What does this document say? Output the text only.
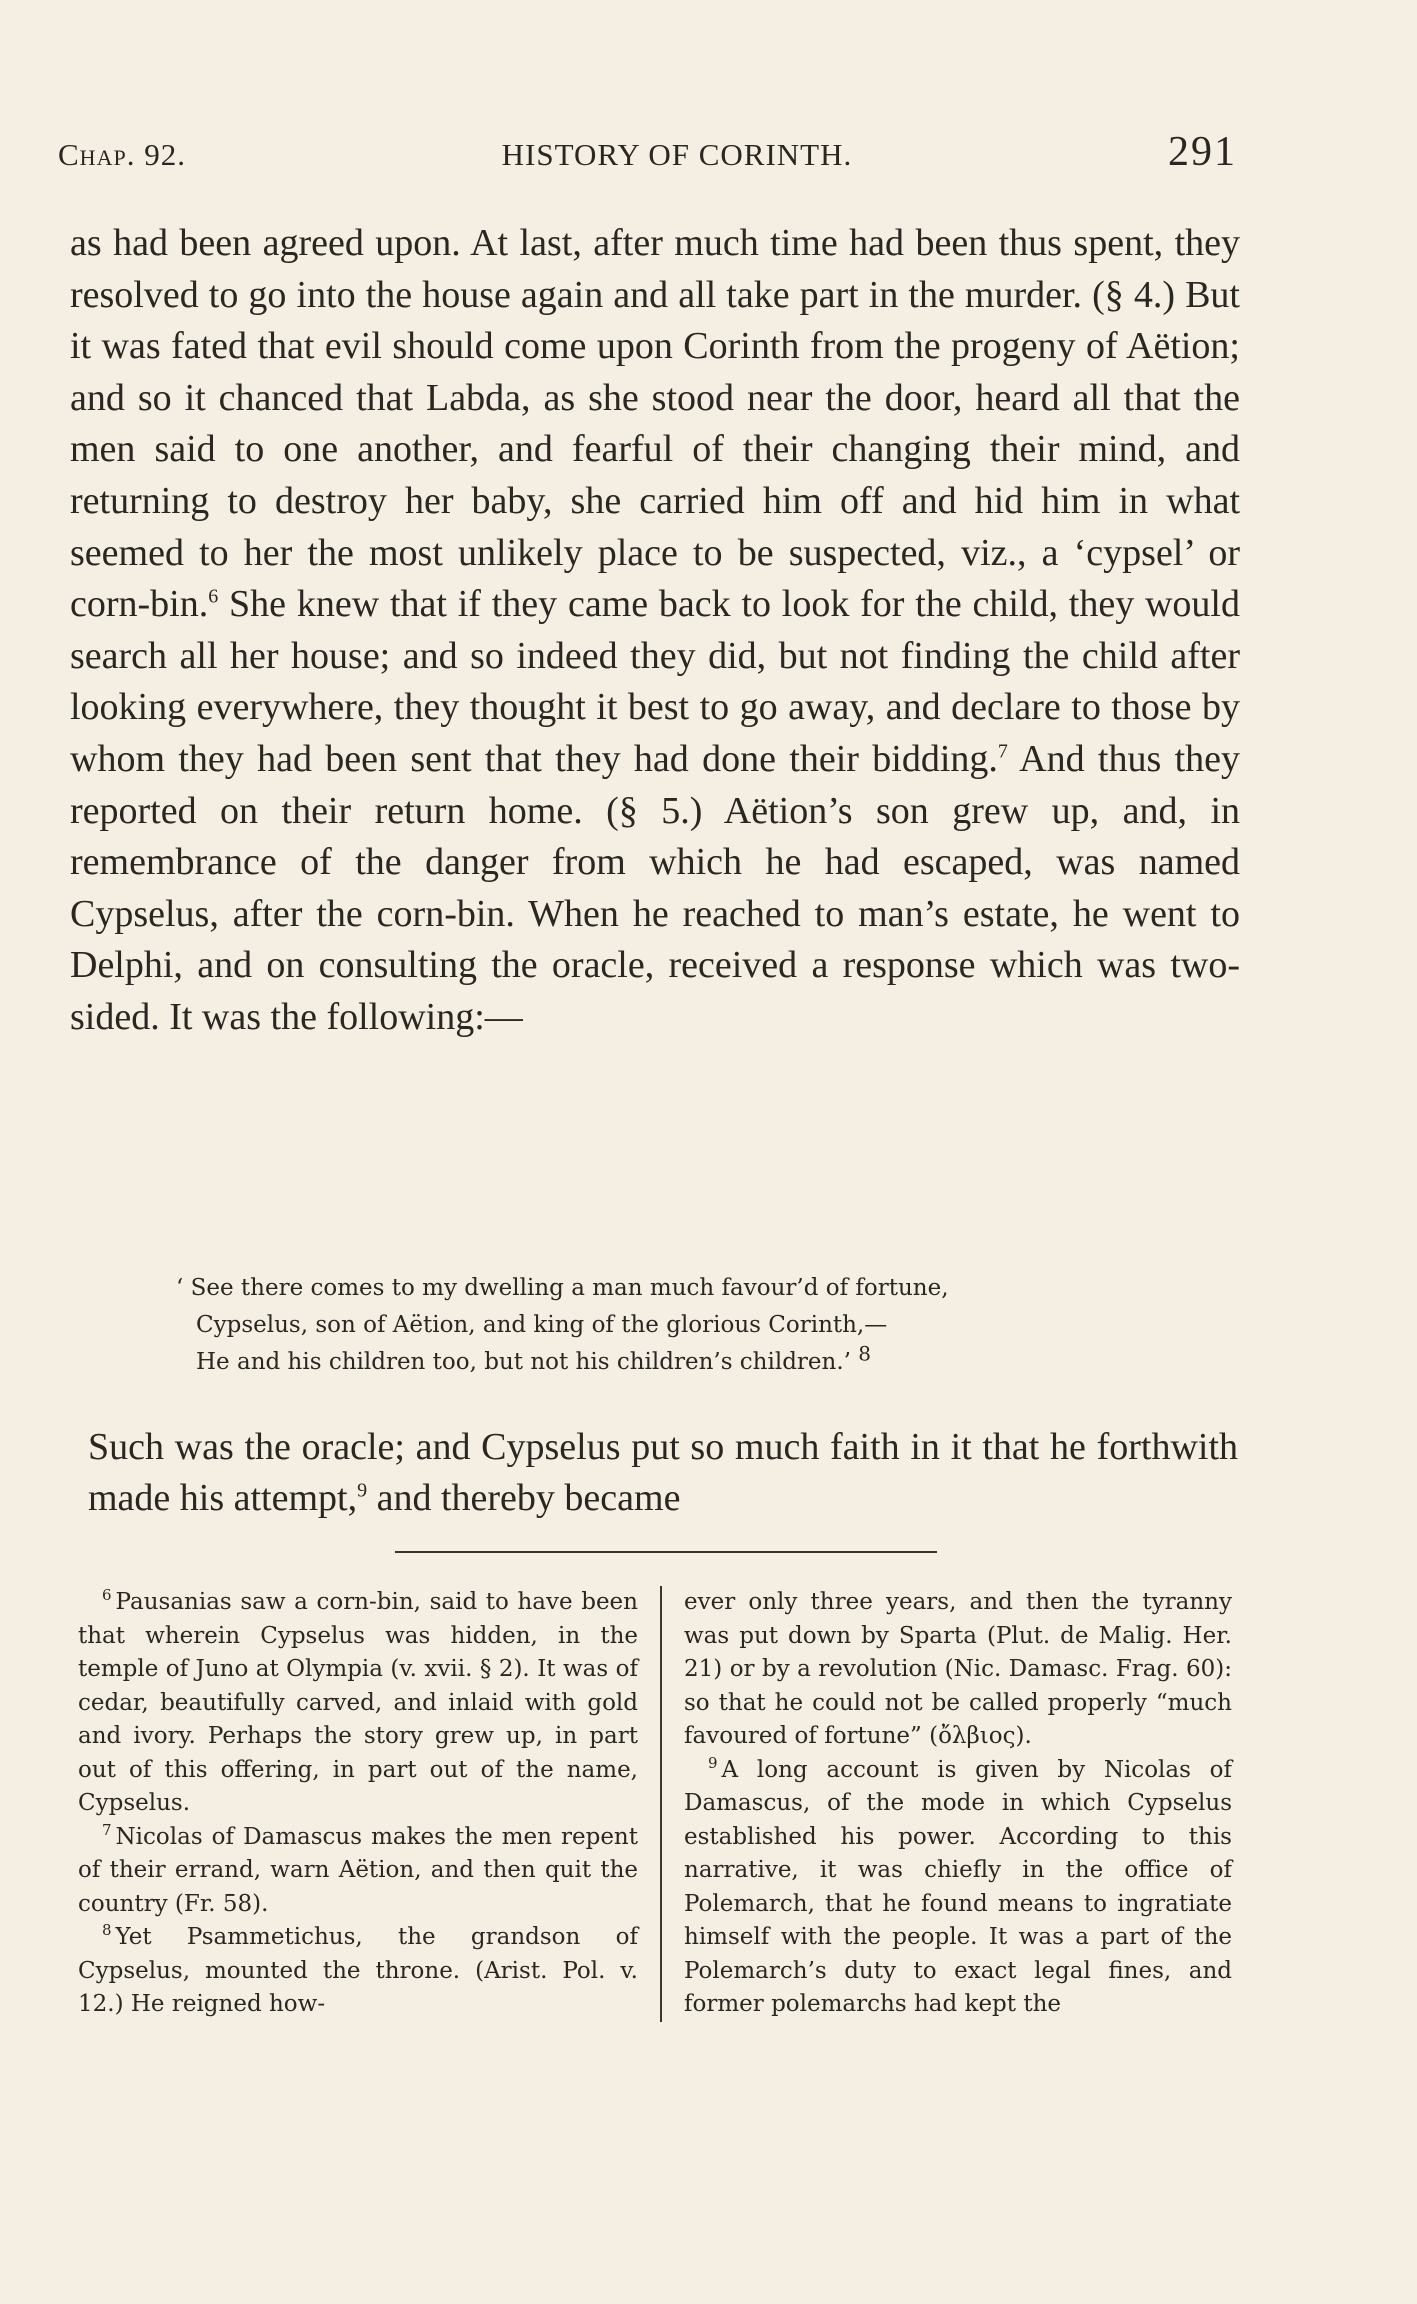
Chap. 92.	HISTORY OF CORINTH.	291

as had been agreed upon. At last, after much time had been thus spent, they resolved to go into the house again and all take part in the murder. (§ 4.) But it was fated that evil should come upon Corinth from the progeny of Aëtion; and so it chanced that Labda, as she stood near the door, heard all that the men said to one another, and fearful of their changing their mind, and returning to destroy her baby, she carried him off and hid him in what seemed to her the most unlikely place to be suspected, viz., a ‘cypsel’ or corn-bin.$^6$ She knew that if they came back to look for the child, they would search all her house; and so indeed they did, but not finding the child after looking everywhere, they thought it best to go away, and declare to those by whom they had been sent that they had done their bidding.$^7$ And thus they reported on their return home. (§ 5.) Aëtion’s son grew up, and, in remembrance of the danger from which he had escaped, was named Cypselus, after the corn-bin. When he reached to man’s estate, he went to Delphi, and on consulting the oracle, received a response which was two-sided. It was the following:—

‘ See there comes to my dwelling a man much favour’d of fortune,
Cypselus, son of Aëtion, and king of the glorious Corinth,—
He and his children too, but not his children’s children.’ $^8$
Such was the oracle; and Cypselus put so much faith in it that he forthwith made his attempt,$^9$ and thereby became

$^6$ Pausanias saw a corn-bin, said to have been that wherein Cypselus was hidden, in the temple of Juno at Olympia (v. xvii. § 2). It was of cedar, beautifully carved, and inlaid with gold and ivory. Perhaps the story grew up, in part out of this offering, in part out of the name, Cypselus.

$^7$ Nicolas of Damascus makes the men repent of their errand, warn Aëtion, and then quit the country (Fr. 58).

$^8$ Yet Psammetichus, the grandson of Cypselus, mounted the throne. (Arist. Pol. v. 12.) He reigned how-

ever only three years, and then the tyranny was put down by Sparta (Plut. de Malig. Her. 21) or by a revolution (Nic. Damasc. Frag. 60): so that he could not be called properly “much favoured of fortune” (ὄλβιος).

$^9$ A long account is given by Nicolas of Damascus, of the mode in which Cypselus established his power. According to this narrative, it was chiefly in the office of Polemarch, that he found means to ingratiate himself with the people. It was a part of the Polemarch’s duty to exact legal fines, and former polemarchs had kept the
